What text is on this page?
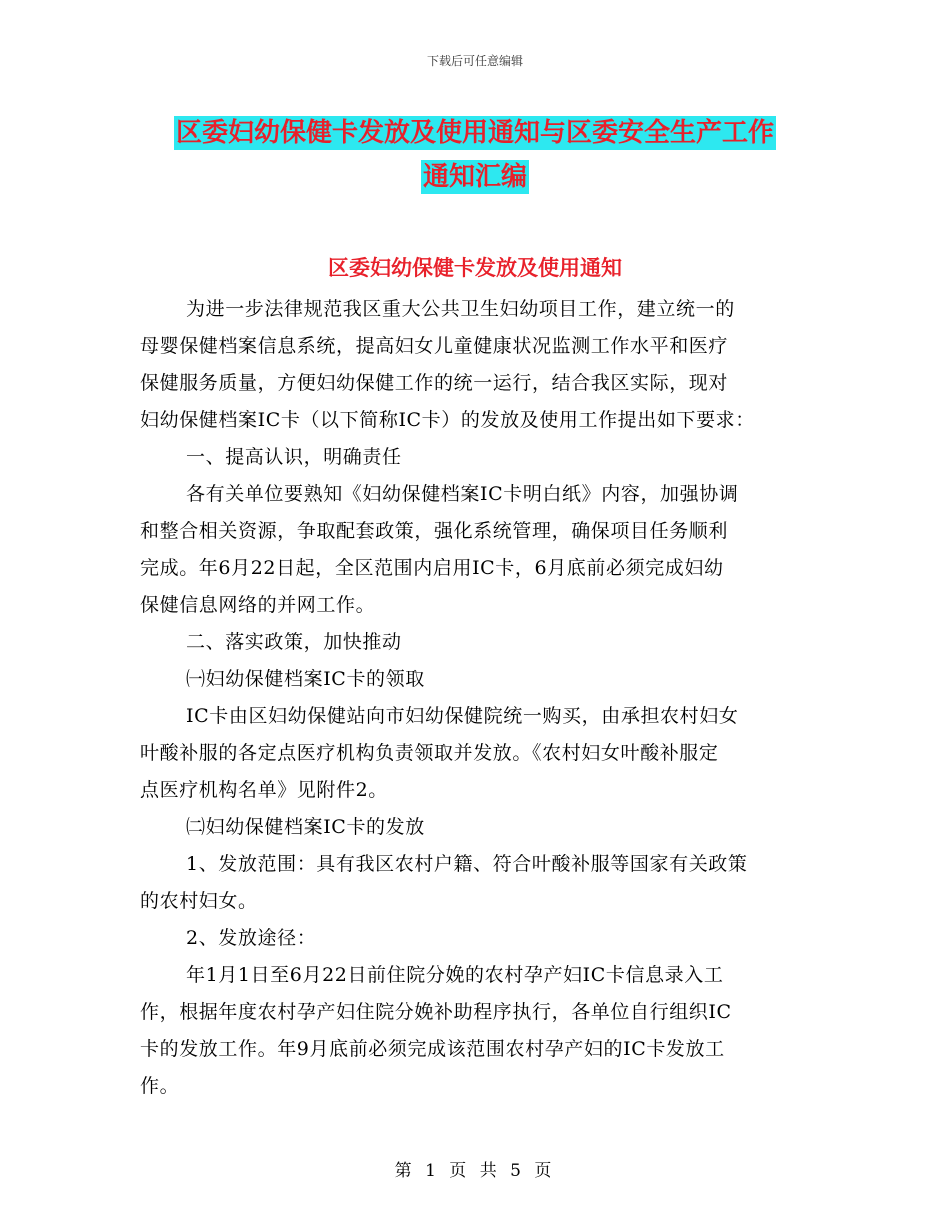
下载后可任意编辑
区委妇幼保健卡发放及使用通知与区委安全生产工作
通知汇编
区委妇幼保健卡发放及使用通知
为进一步法律规范我区重大公共卫生妇幼项目工作，建立统一的
母婴保健档案信息系统，提高妇女儿童健康状况监测工作水平和医疗
保健服务质量，方便妇幼保健工作的统一运行，结合我区实际，现对
妇幼保健档案IC卡（以下简称IC卡）的发放及使用工作提出如下要求：
一、提高认识，明确责任
各有关单位要熟知《妇幼保健档案IC卡明白纸》内容，加强协调
和整合相关资源，争取配套政策，强化系统管理，确保项目任务顺利
完成。年6月22日起，全区范围内启用IC卡，6月底前必须完成妇幼
保健信息网络的并网工作。
二、落实政策，加快推动
㈠妇幼保健档案IC卡的领取
IC卡由区妇幼保健站向市妇幼保健院统一购买，由承担农村妇女
叶酸补服的各定点医疗机构负责领取并发放。《农村妇女叶酸补服定
点医疗机构名单》见附件2。
㈡妇幼保健档案IC卡的发放
1、发放范围：具有我区农村户籍、符合叶酸补服等国家有关政策
的农村妇女。
2、发放途径：
年1月1日至6月22日前住院分娩的农村孕产妇IC卡信息录入工
作，根据年度农村孕产妇住院分娩补助程序执行，各单位自行组织IC
卡的发放工作。年9月底前必须完成该范围农村孕产妇的IC卡发放工
作。
第 1 页 共 5 页
